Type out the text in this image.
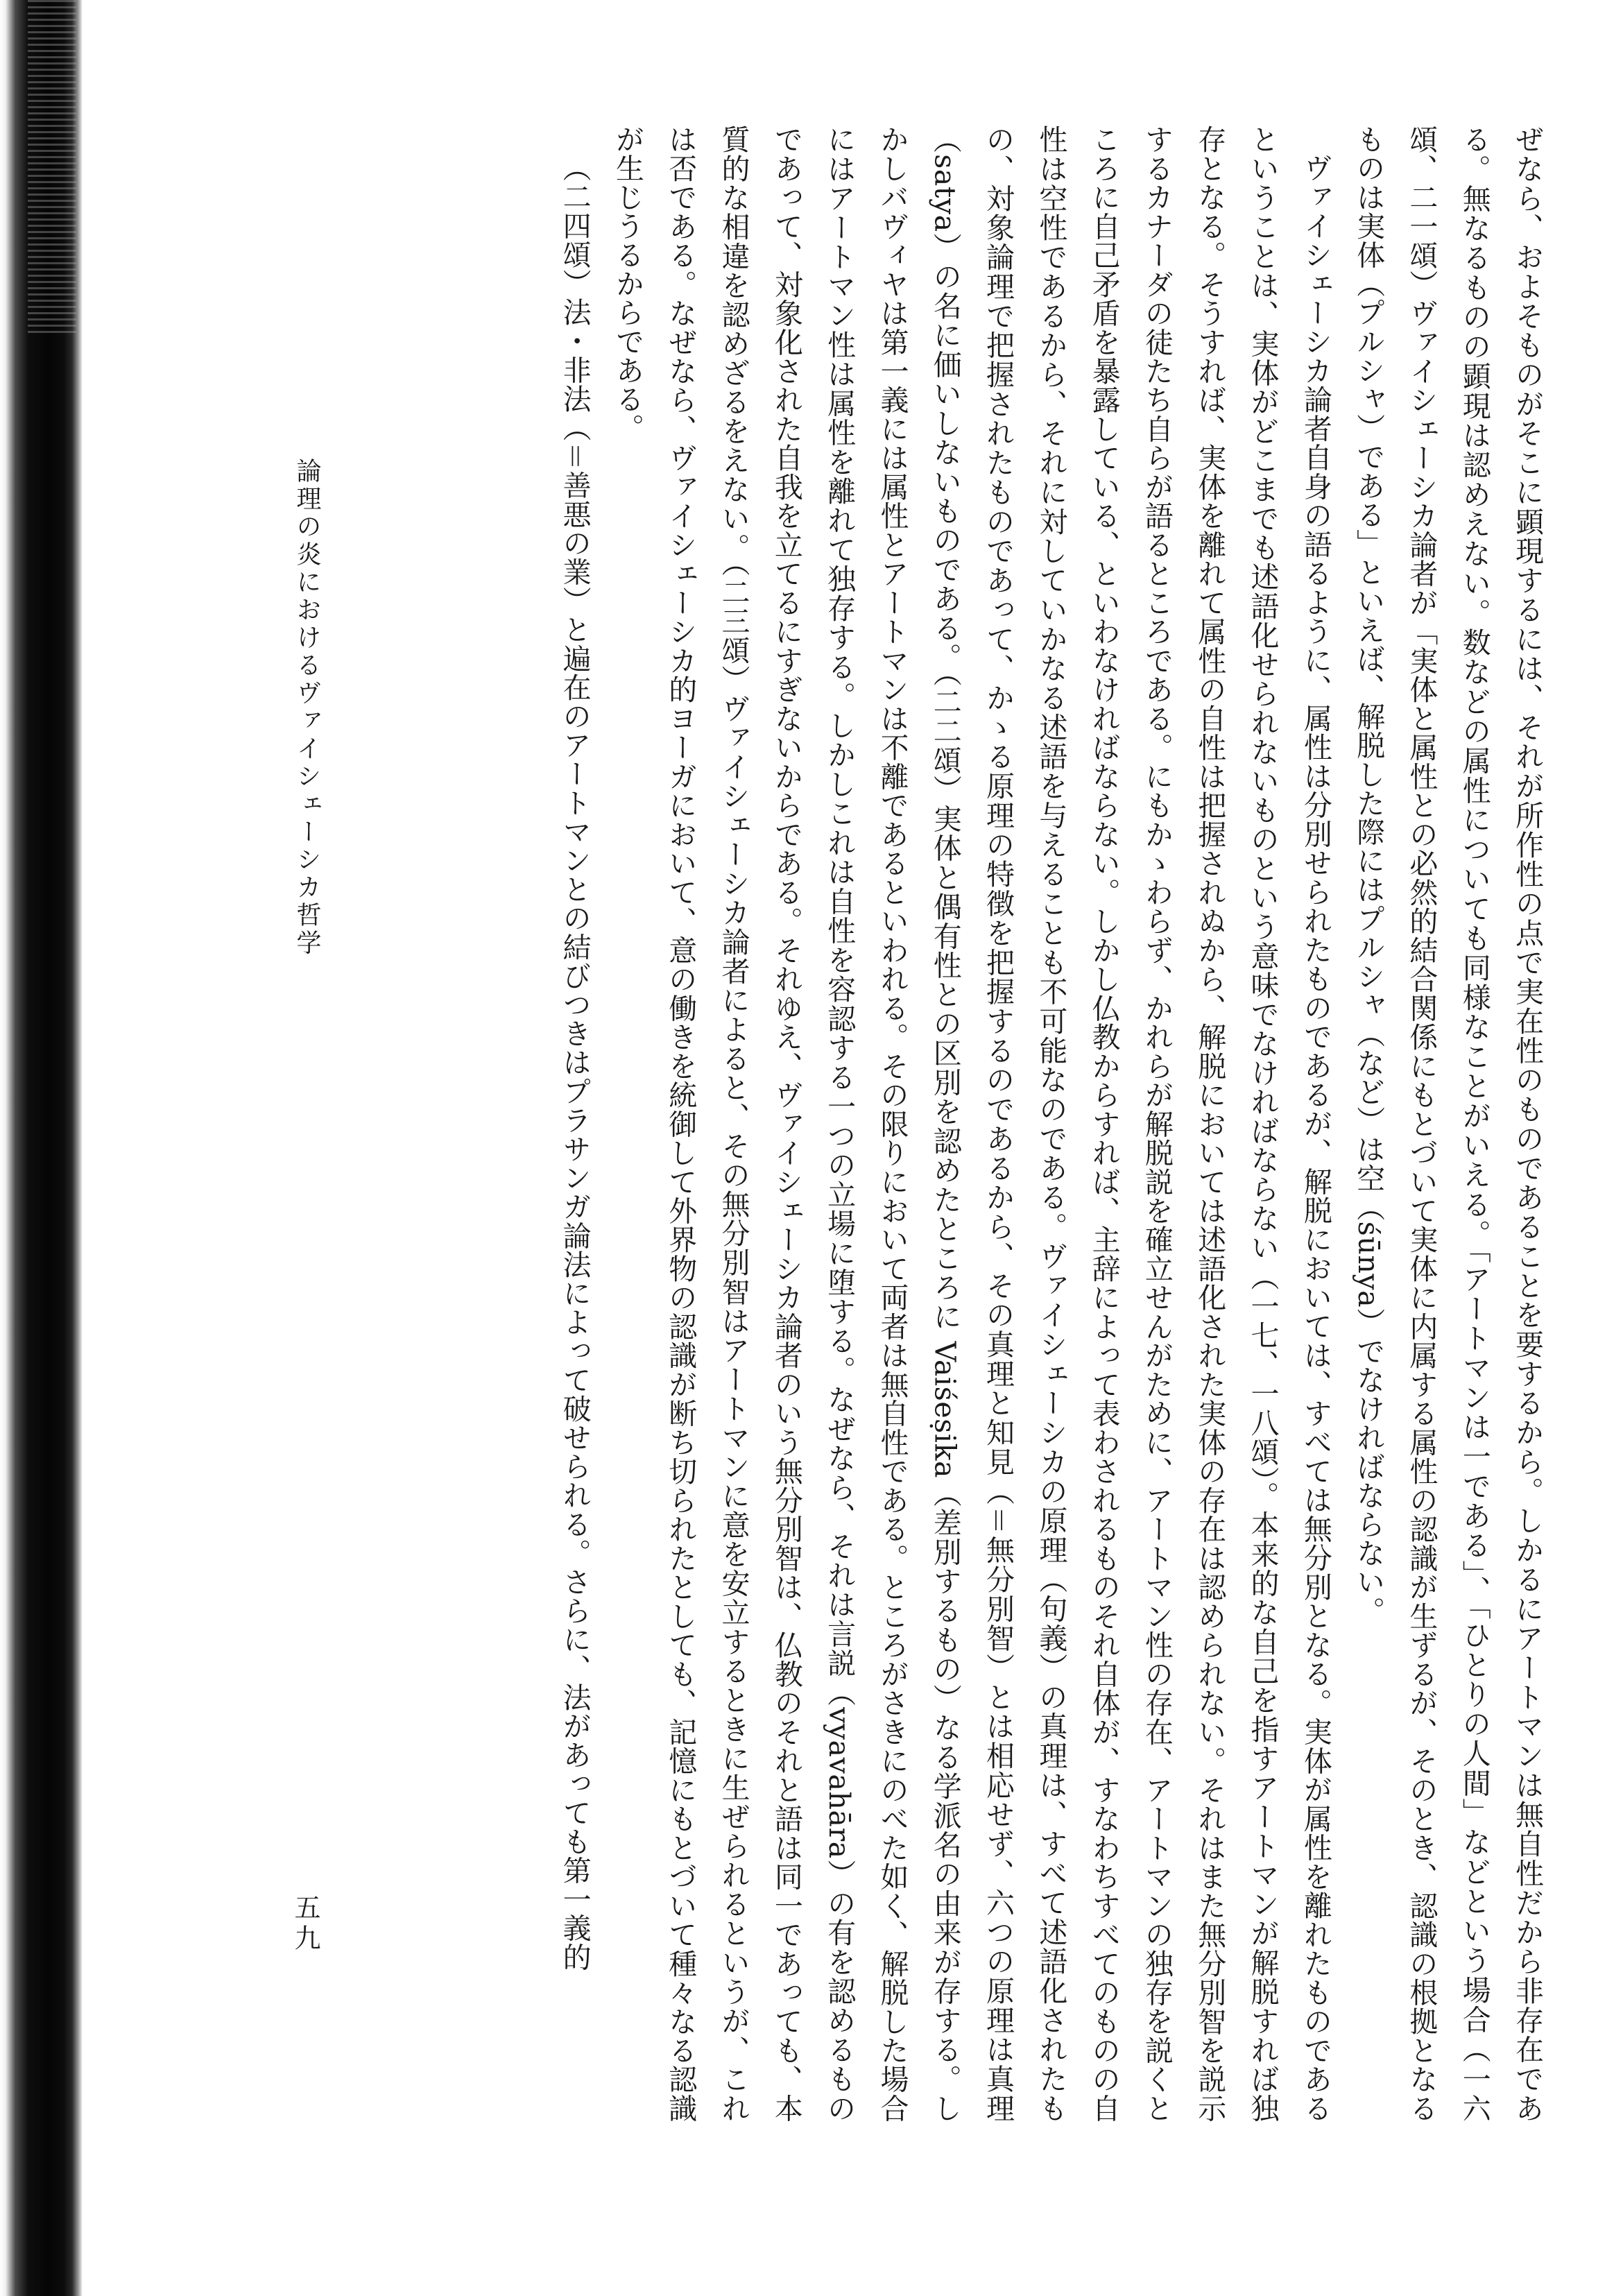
ぜなら、およそものがそこに顕現するには、それが所作性の点で実在性のものであることを要するから。しかるにアートマンは無自性だから非存在である。無なるものの顕現は認めえない。数などの属性についても同様なことがいえる。「アートマンは一である」、「ひとりの人間」などという場合（一六頌、二一頌）ヴァイシェーシカ論者が「実体と属性との必然的結合関係にもとづいて実体に内属する属性の認識が生ずるが、そのとき、認識の根拠となるものは実体（プルシャ）である」といえば、解脱した際にはプルシャ（など）は空（śūnya）でなければならない。

ヴァイシェーシカ論者自身の語るように、属性は分別せられたものであるが、解脱においては、すべては無分別となる。実体が属性を離れたものであるということは、実体がどこまでも述語化せられないものという意味でなければならない（一七、一八頌）。本来的な自己を指すアートマンが解脱すれば独存となる。そうすれば、実体を離れて属性の自性は把握されぬから、解脱においては述語化された実体の存在は認められない。それはまた無分別智を説示するカナーダの徒たち自らが語るところである。にもかゝわらず、かれらが解脱説を確立せんがために、アートマン性の存在、アートマンの独存を説くところに自己矛盾を暴露している、といわなければならない。しかし仏教からすれば、主辞によって表わされるものそれ自体が、すなわちすべてのものの自性は空性であるから、それに対していかなる述語を与えることも不可能なのである。ヴァイシェーシカの原理（句義）の真理は、すべて述語化されたもの、対象論理で把握されたものであって、かゝる原理の特徴を把握するのであるから、その真理と知見（＝無分別智）とは相応せず、六つの原理は真理（satya）の名に価いしないものである。（二二頌）実体と偶有性との区別を認めたところに Vaiśeṣika（差別するもの）なる学派名の由来が存する。しかしバヴィヤは第一義には属性とアートマンは不離であるといわれる。その限りにおいて両者は無自性である。ところがさきにのべた如く、解脱した場合にはアートマン性は属性を離れて独存する。しかしこれは自性を容認する一つの立場に堕する。なぜなら、それは言説（vyavahāra）の有を認めるものであって、対象化された自我を立てるにすぎないからである。それゆえ、ヴァイシェーシカ論者のいう無分別智は、仏教のそれと語は同一であっても、本質的な相違を認めざるをえない。（二三頌）ヴァイシェーシカ論者によると、その無分別智はアートマンに意を安立するときに生ぜられるというが、これは否である。なぜなら、ヴァイシェーシカ的ヨーガにおいて、意の働きを統御して外界物の認識が断ち切られたとしても、記憶にもとづいて種々なる認識が生じうるからである。

（二四頌）法・非法（＝善悪の業）と遍在のアートマンとの結びつきはプラサンガ論法によって破せられる。さらに、法があっても第一義的

論理の炎におけるヴァイシェーシカ哲学
五九
